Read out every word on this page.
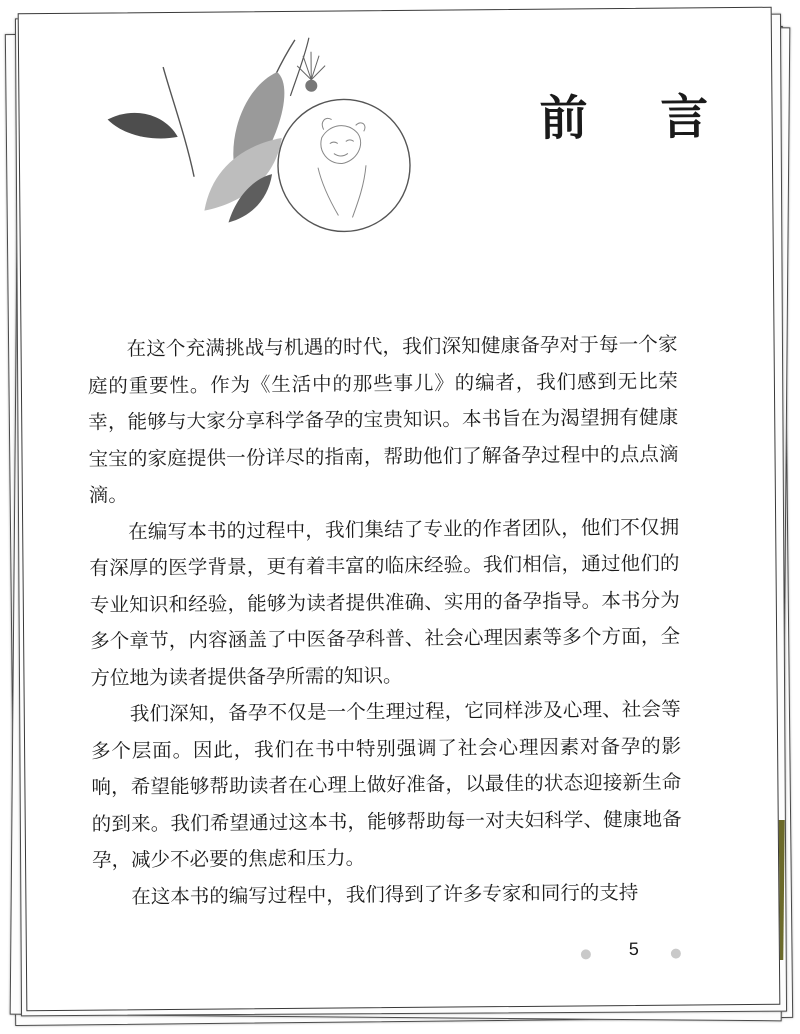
前 言

在这个充满挑战与机遇的时代，我们深知健康备孕对于每一个家庭的重要性。作为《生活中的那些事儿》的编者，我们感到无比荣幸，能够与大家分享科学备孕的宝贵知识。本书旨在为渴望拥有健康宝宝的家庭提供一份详尽的指南，帮助他们了解备孕过程中的点点滴滴。

在编写本书的过程中，我们集结了专业的作者团队，他们不仅拥有深厚的医学背景，更有着丰富的临床经验。我们相信，通过他们的专业知识和经验，能够为读者提供准确、实用的备孕指导。本书分为多个章节，内容涵盖了中医备孕科普、社会心理因素等多个方面，全方位地为读者提供备孕所需的知识。

我们深知，备孕不仅是一个生理过程，它同样涉及心理、社会等多个层面。因此，我们在书中特别强调了社会心理因素对备孕的影响，希望能够帮助读者在心理上做好准备，以最佳的状态迎接新生命的到来。我们希望通过这本书，能够帮助每一对夫妇科学、健康地备孕，减少不必要的焦虑和压力。

在这本书的编写过程中，我们得到了许多专家和同行的支持

5
